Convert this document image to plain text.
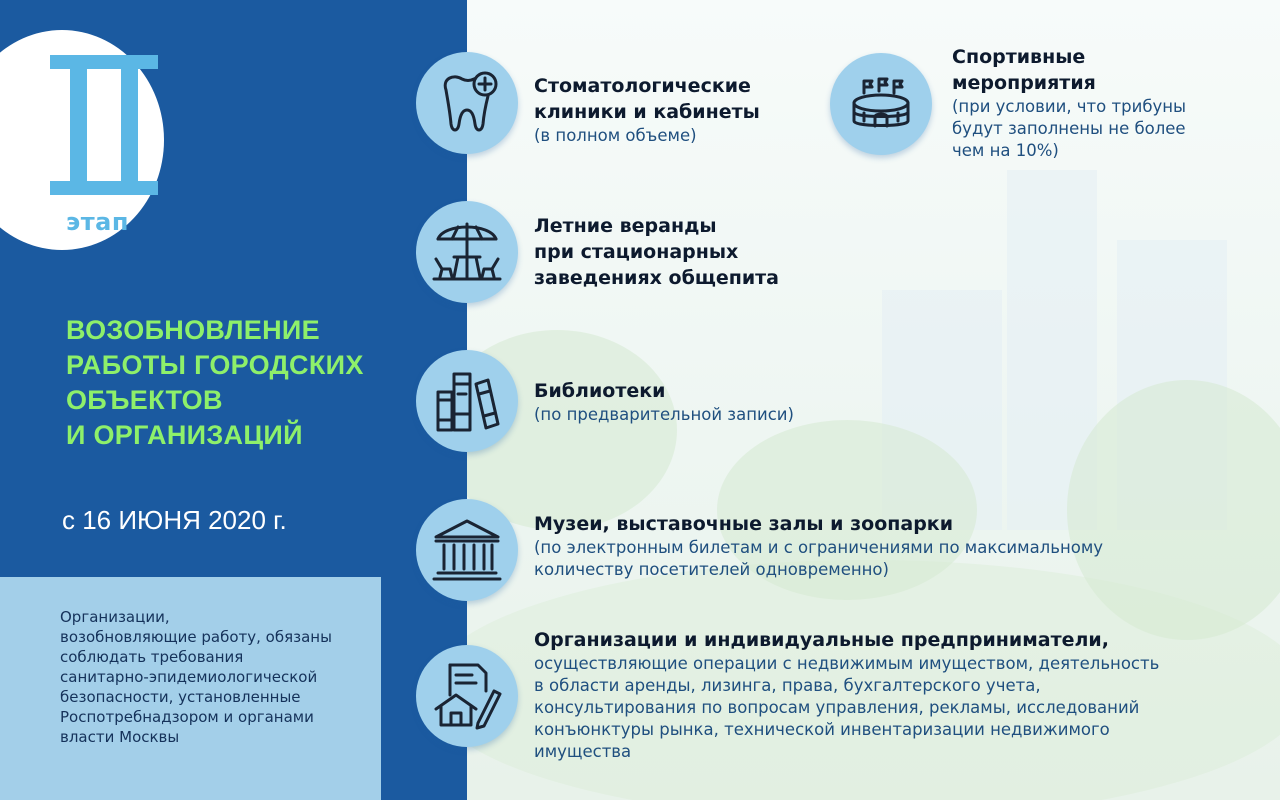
этап
ВОЗОБНОВЛЕНИЕ
РАБОТЫ ГОРОДСКИХ
ОБЪЕКТОВ
И ОРГАНИЗАЦИЙ
с 16 ИЮНЯ 2020 г.
Организации,
возобновляющие работу, обязаны
соблюдать требования
санитарно-эпидемиологической
безопасности, установленные
Роспотребнадзором и органами
власти Москвы

Стоматологические
клиники и кабинеты

(в полном объеме)

Спортивные
мероприятия

(при условии, что трибуны
будут заполнены не более
чем на 10%)

Летние веранды
при стационарных
заведениях общепита

Библиотеки

(по предварительной записи)

Музеи, выставочные залы и зоопарки

(по электронным билетам и с ограничениями по максимальному
количеству посетителей одновременно)

Организации и индивидуальные предприниматели,

осуществляющие операции с недвижимым имуществом, деятельность
в области аренды, лизинга, права, бухгалтерского учета,
консультирования по вопросам управления, рекламы, исследований
конъюнктуры рынка, технической инвентаризации недвижимого
имущества
